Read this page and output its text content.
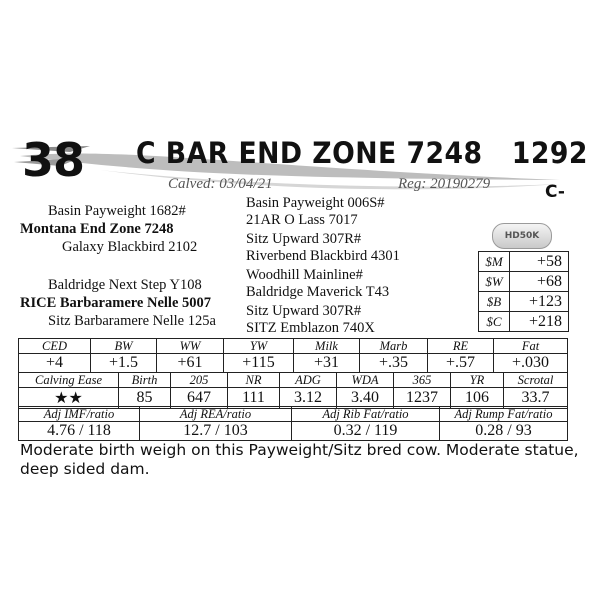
38 C BAR END ZONE 7248 1292
Calved: 03/04/21	Reg: 20190279	C-
Basin Payweight 1682#
Montana End Zone 7248
Galaxy Blackbird 2102
Baldridge Next Step Y108
RICE Barbaramere Nelle 5007
Sitz Barbaramere Nelle 125a
Basin Payweight 006S#
21AR O Lass 7017
Sitz Upward 307R#
Riverbend Blackbird 4301
Woodhill Mainline#
Baldridge Maverick T43
Sitz Upward 307R#
SITZ Emblazon 740X
HD50K
$M	+58
$W	+68
$B	+123
$C	+218
CED	BW	WW	YW	Milk	Marb	RE	Fat
+4	+1.5	+61	+115	+31	+.35	+.57	+.030
Calving Ease	Birth	205	NR	ADG	WDA	365	YR	Scrotal
★★	85	647	111	3.12	3.40	1237	106	33.7
Adj IMF/ratio	Adj REA/ratio	Adj Rib Fat/ratio	Adj Rump Fat/ratio
4.76 / 118	12.7 / 103	0.32 / 119	0.28 / 93
Moderate birth weigh on this Payweight/Sitz bred cow. Moderate statue, deep sided dam.
